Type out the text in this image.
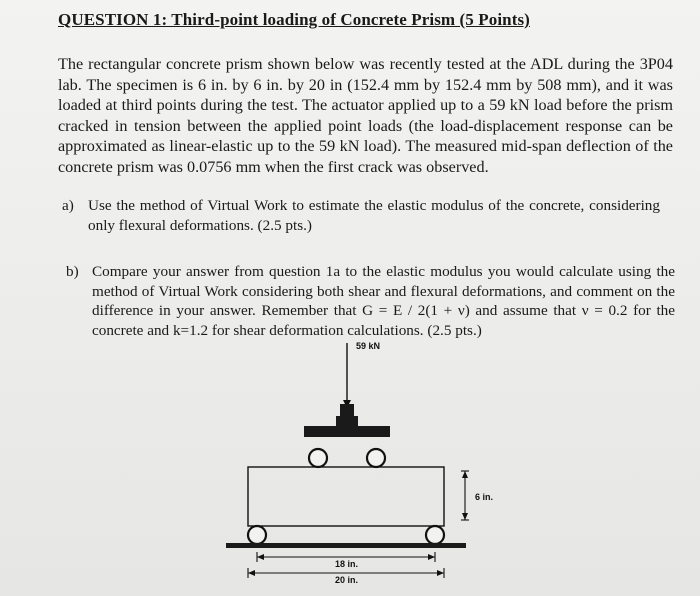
QUESTION 1: Third-point loading of Concrete Prism (5 Points)
The rectangular concrete prism shown below was recently tested at the ADL during the 3P04 lab. The specimen is 6 in. by 6 in. by 20 in (152.4 mm by 152.4 mm by 508 mm), and it was loaded at third points during the test. The actuator applied up to a 59 kN load before the prism cracked in tension between the applied point loads (the load-displacement response can be approximated as linear-elastic up to the 59 kN load). The measured mid-span deflection of the concrete prism was 0.0756 mm when the first crack was observed.
a) Use the method of Virtual Work to estimate the elastic modulus of the concrete, considering only flexural deformations. (2.5 pts.)
b) Compare your answer from question 1a to the elastic modulus you would calculate using the method of Virtual Work considering both shear and flexural deformations, and comment on the difference in your answer. Remember that G = E / 2(1 + ν) and assume that ν = 0.2 for the concrete and k=1.2 for shear deformation calculations. (2.5 pts.)
59 kN
6 in.
18 in.
20 in.
